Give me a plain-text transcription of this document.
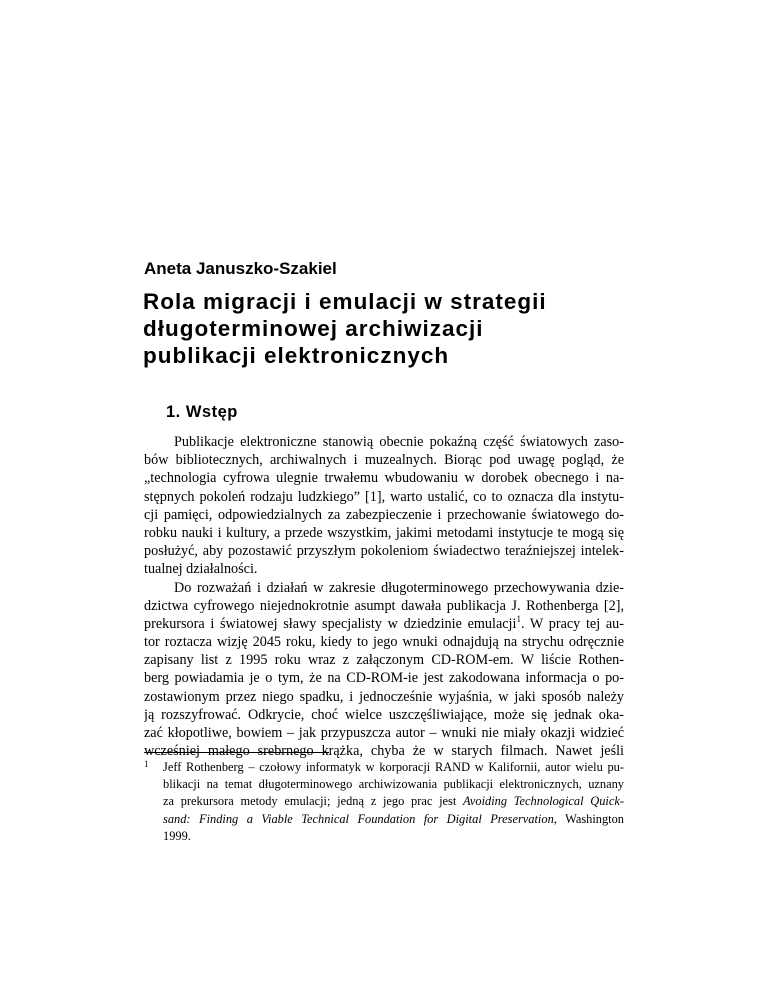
Aneta Januszko-Szakiel
Rola migracji i emulacji w strategii
długoterminowej archiwizacji
publikacji elektronicznych
1. Wstęp
Publikacje elektroniczne stanowią obecnie pokaźną część światowych zaso-
bów bibliotecznych, archiwalnych i muzealnych. Biorąc pod uwagę pogląd, że
„technologia cyfrowa ulegnie trwałemu wbudowaniu w dorobek obecnego i na-
stępnych pokoleń rodzaju ludzkiego” [1], warto ustalić, co to oznacza dla instytu-
cji pamięci, odpowiedzialnych za zabezpieczenie i przechowanie światowego do-
robku nauki i kultury, a przede wszystkim, jakimi metodami instytucje te mogą się
posłużyć, aby pozostawić przyszłym pokoleniom świadectwo teraźniejszej intelek-
tualnej działalności.
Do rozważań i działań w zakresie długoterminowego przechowywania dzie-
dzictwa cyfrowego niejednokrotnie asumpt dawała publikacja J. Rothenberga [2],
prekursora i światowej sławy specjalisty w dziedzinie emulacji$^1$. W pracy tej au-
tor roztacza wizję 2045 roku, kiedy to jego wnuki odnajdują na strychu odręcznie
zapisany list z 1995 roku wraz z załączonym CD-ROM-em. W liście Rothen-
berg powiadamia je o tym, że na CD-ROM-ie jest zakodowana informacja o po-
zostawionym przez niego spadku, i jednocześnie wyjaśnia, w jaki sposób należy
ją rozszyfrować. Odkrycie, choć wielce uszczęśliwiające, może się jednak oka-
zać kłopotliwe, bowiem – jak przypuszcza autor – wnuki nie miały okazji widzieć
wcześniej małego srebrnego krążka, chyba że w starych filmach. Nawet jeśli
1 Jeff Rothenberg – czołowy informatyk w korporacji RAND w Kalifornii, autor wielu pu-
blikacji na temat długoterminowego archiwizowania publikacji elektronicznych, uznany
za prekursora metody emulacji; jedną z jego prac jest Avoiding Technological Quick-
sand: Finding a Viable Technical Foundation for Digital Preservation, Washington
1999.
